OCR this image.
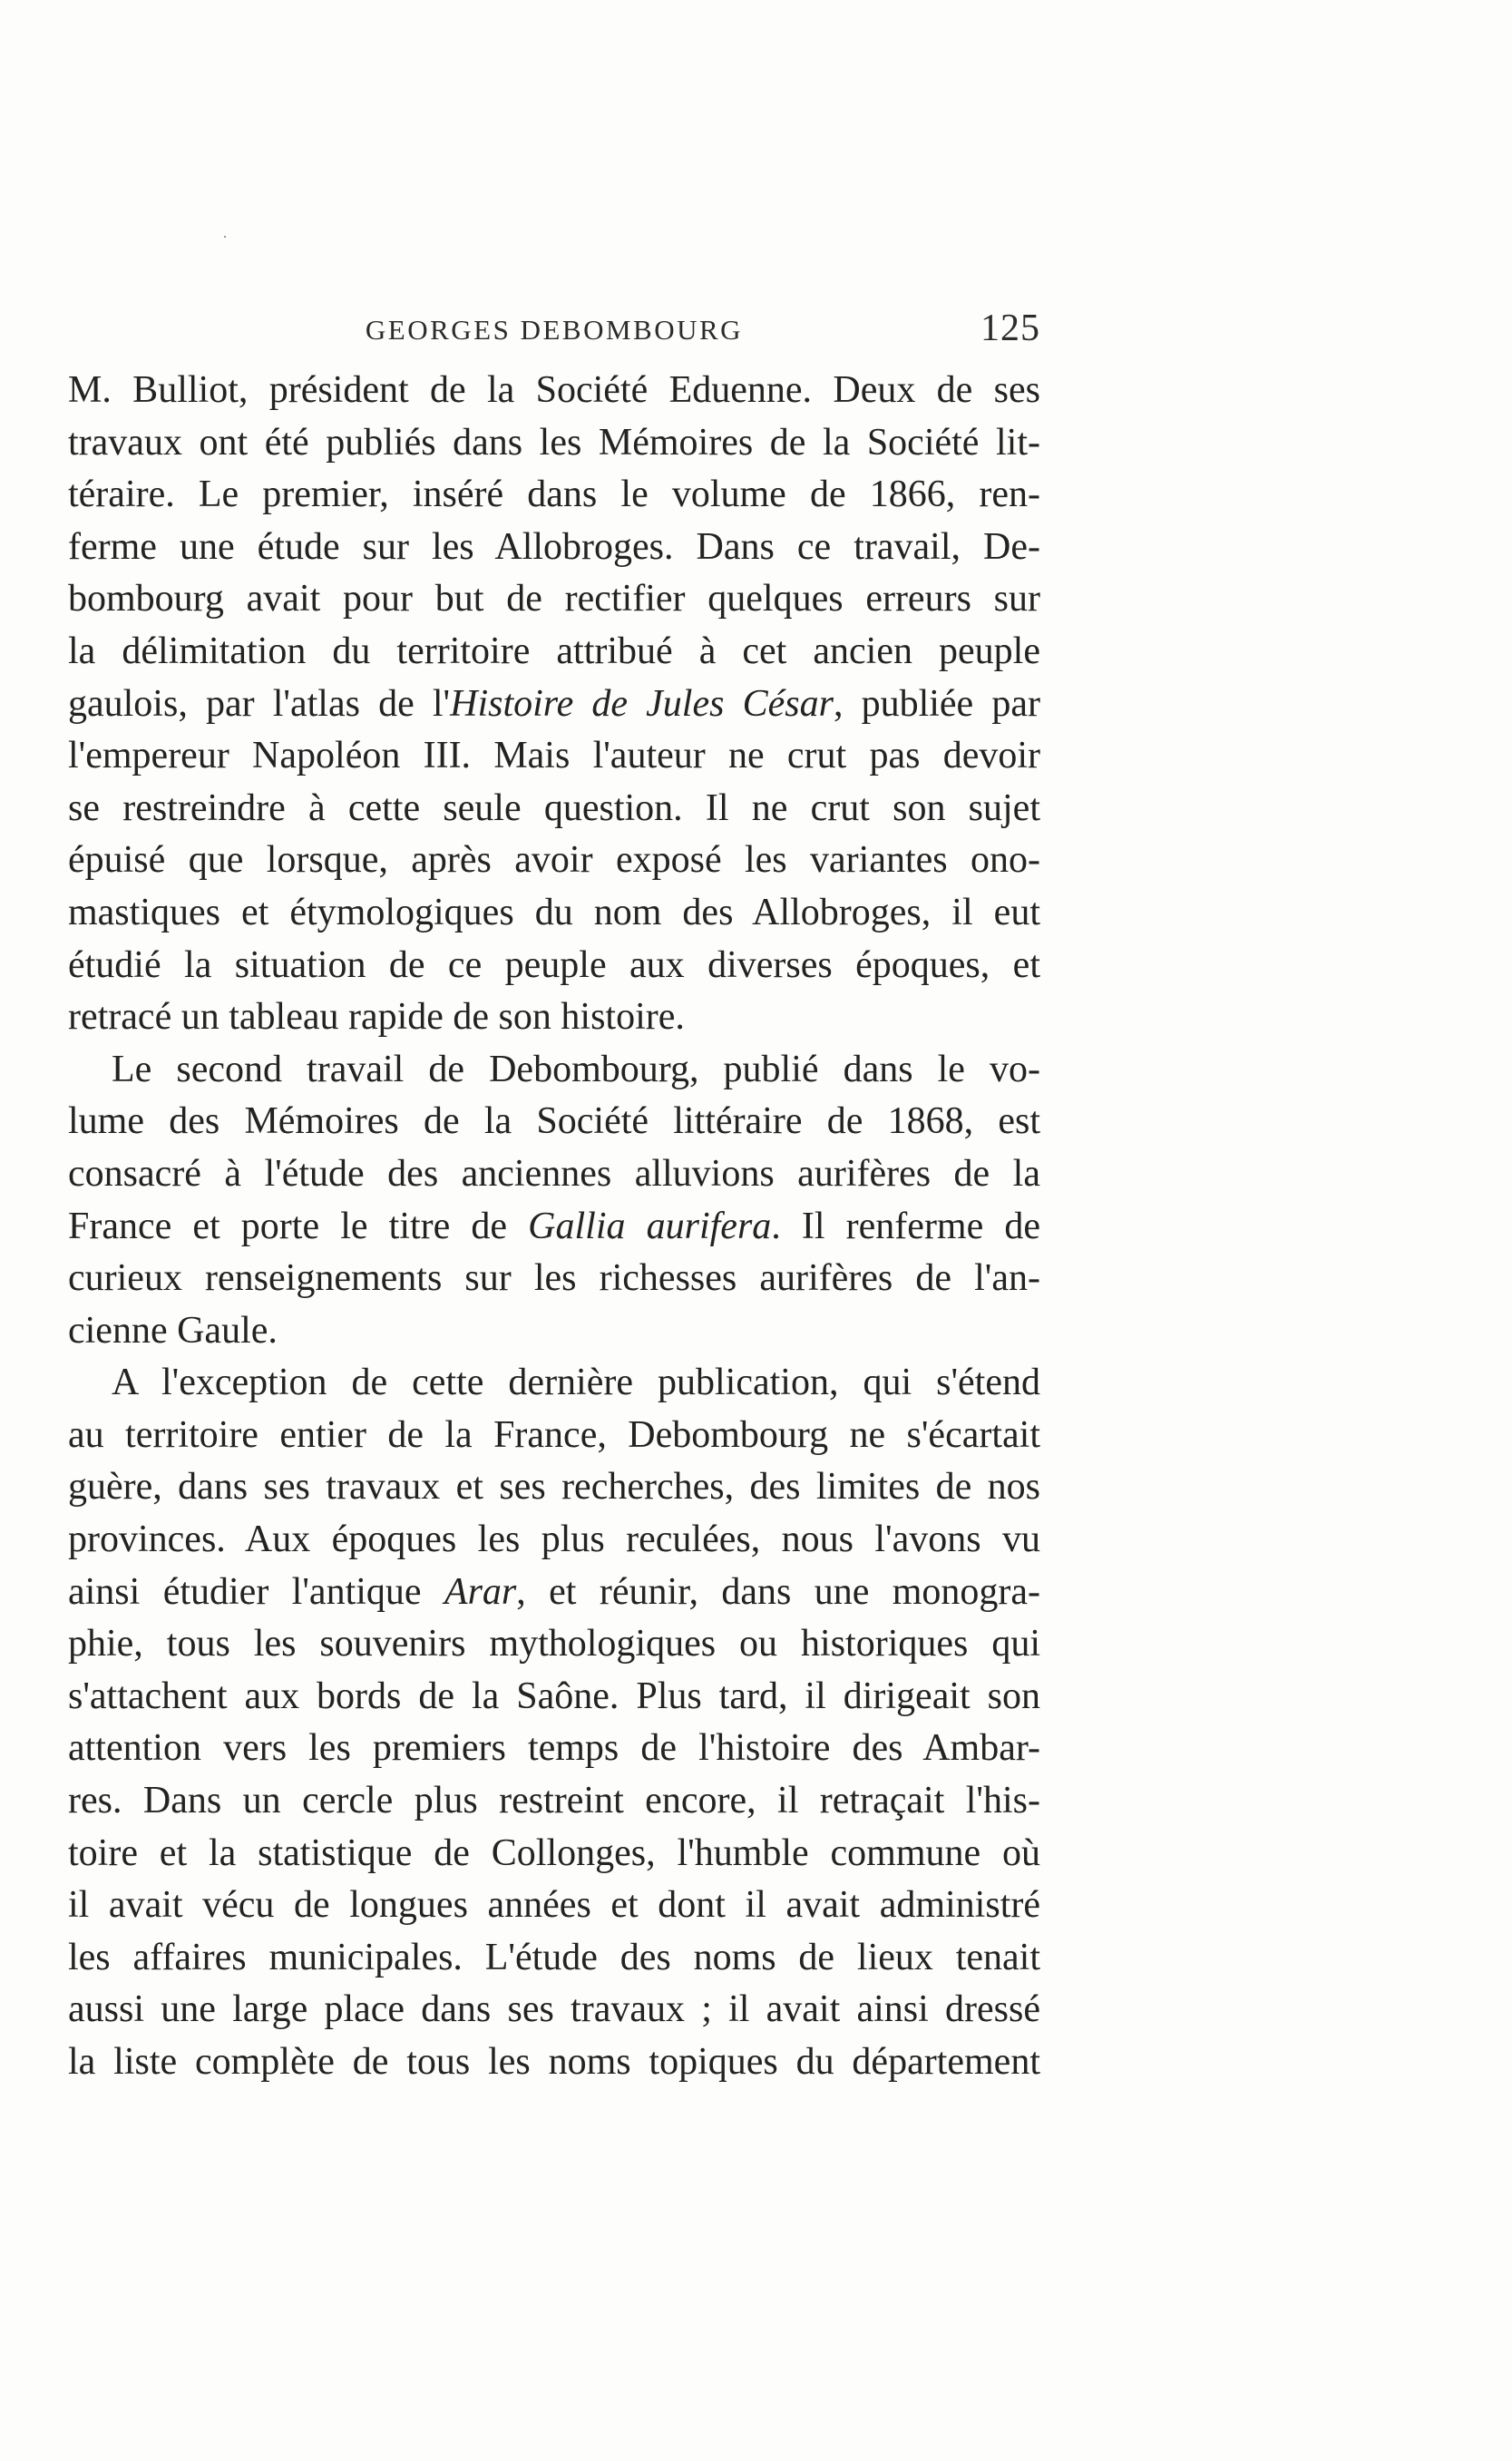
GEORGES DEBOMBOURG	125
M. Bulliot, président de la Société Eduenne. Deux de ses
travaux ont été publiés dans les Mémoires de la Société lit-
téraire. Le premier, inséré dans le volume de 1866, ren-
ferme une étude sur les Allobroges. Dans ce travail, De-
bombourg avait pour but de rectifier quelques erreurs sur
la délimitation du territoire attribué à cet ancien peuple
gaulois, par l'atlas de l'Histoire de Jules César, publiée par
l'empereur Napoléon III. Mais l'auteur ne crut pas devoir
se restreindre à cette seule question. Il ne crut son sujet
épuisé que lorsque, après avoir exposé les variantes ono-
mastiques et étymologiques du nom des Allobroges, il eut
étudié la situation de ce peuple aux diverses époques, et
retracé un tableau rapide de son histoire.
Le second travail de Debombourg, publié dans le vo-
lume des Mémoires de la Société littéraire de 1868, est
consacré à l'étude des anciennes alluvions aurifères de la
France et porte le titre de Gallia aurifera. Il renferme de
curieux renseignements sur les richesses aurifères de l'an-
cienne Gaule.
A l'exception de cette dernière publication, qui s'étend
au territoire entier de la France, Debombourg ne s'écartait
guère, dans ses travaux et ses recherches, des limites de nos
provinces. Aux époques les plus reculées, nous l'avons vu
ainsi étudier l'antique Arar, et réunir, dans une monogra-
phie, tous les souvenirs mythologiques ou historiques qui
s'attachent aux bords de la Saône. Plus tard, il dirigeait son
attention vers les premiers temps de l'histoire des Ambar-
res. Dans un cercle plus restreint encore, il retraçait l'his-
toire et la statistique de Collonges, l'humble commune où
il avait vécu de longues années et dont il avait administré
les affaires municipales. L'étude des noms de lieux tenait
aussi une large place dans ses travaux ; il avait ainsi dressé
la liste complète de tous les noms topiques du département
